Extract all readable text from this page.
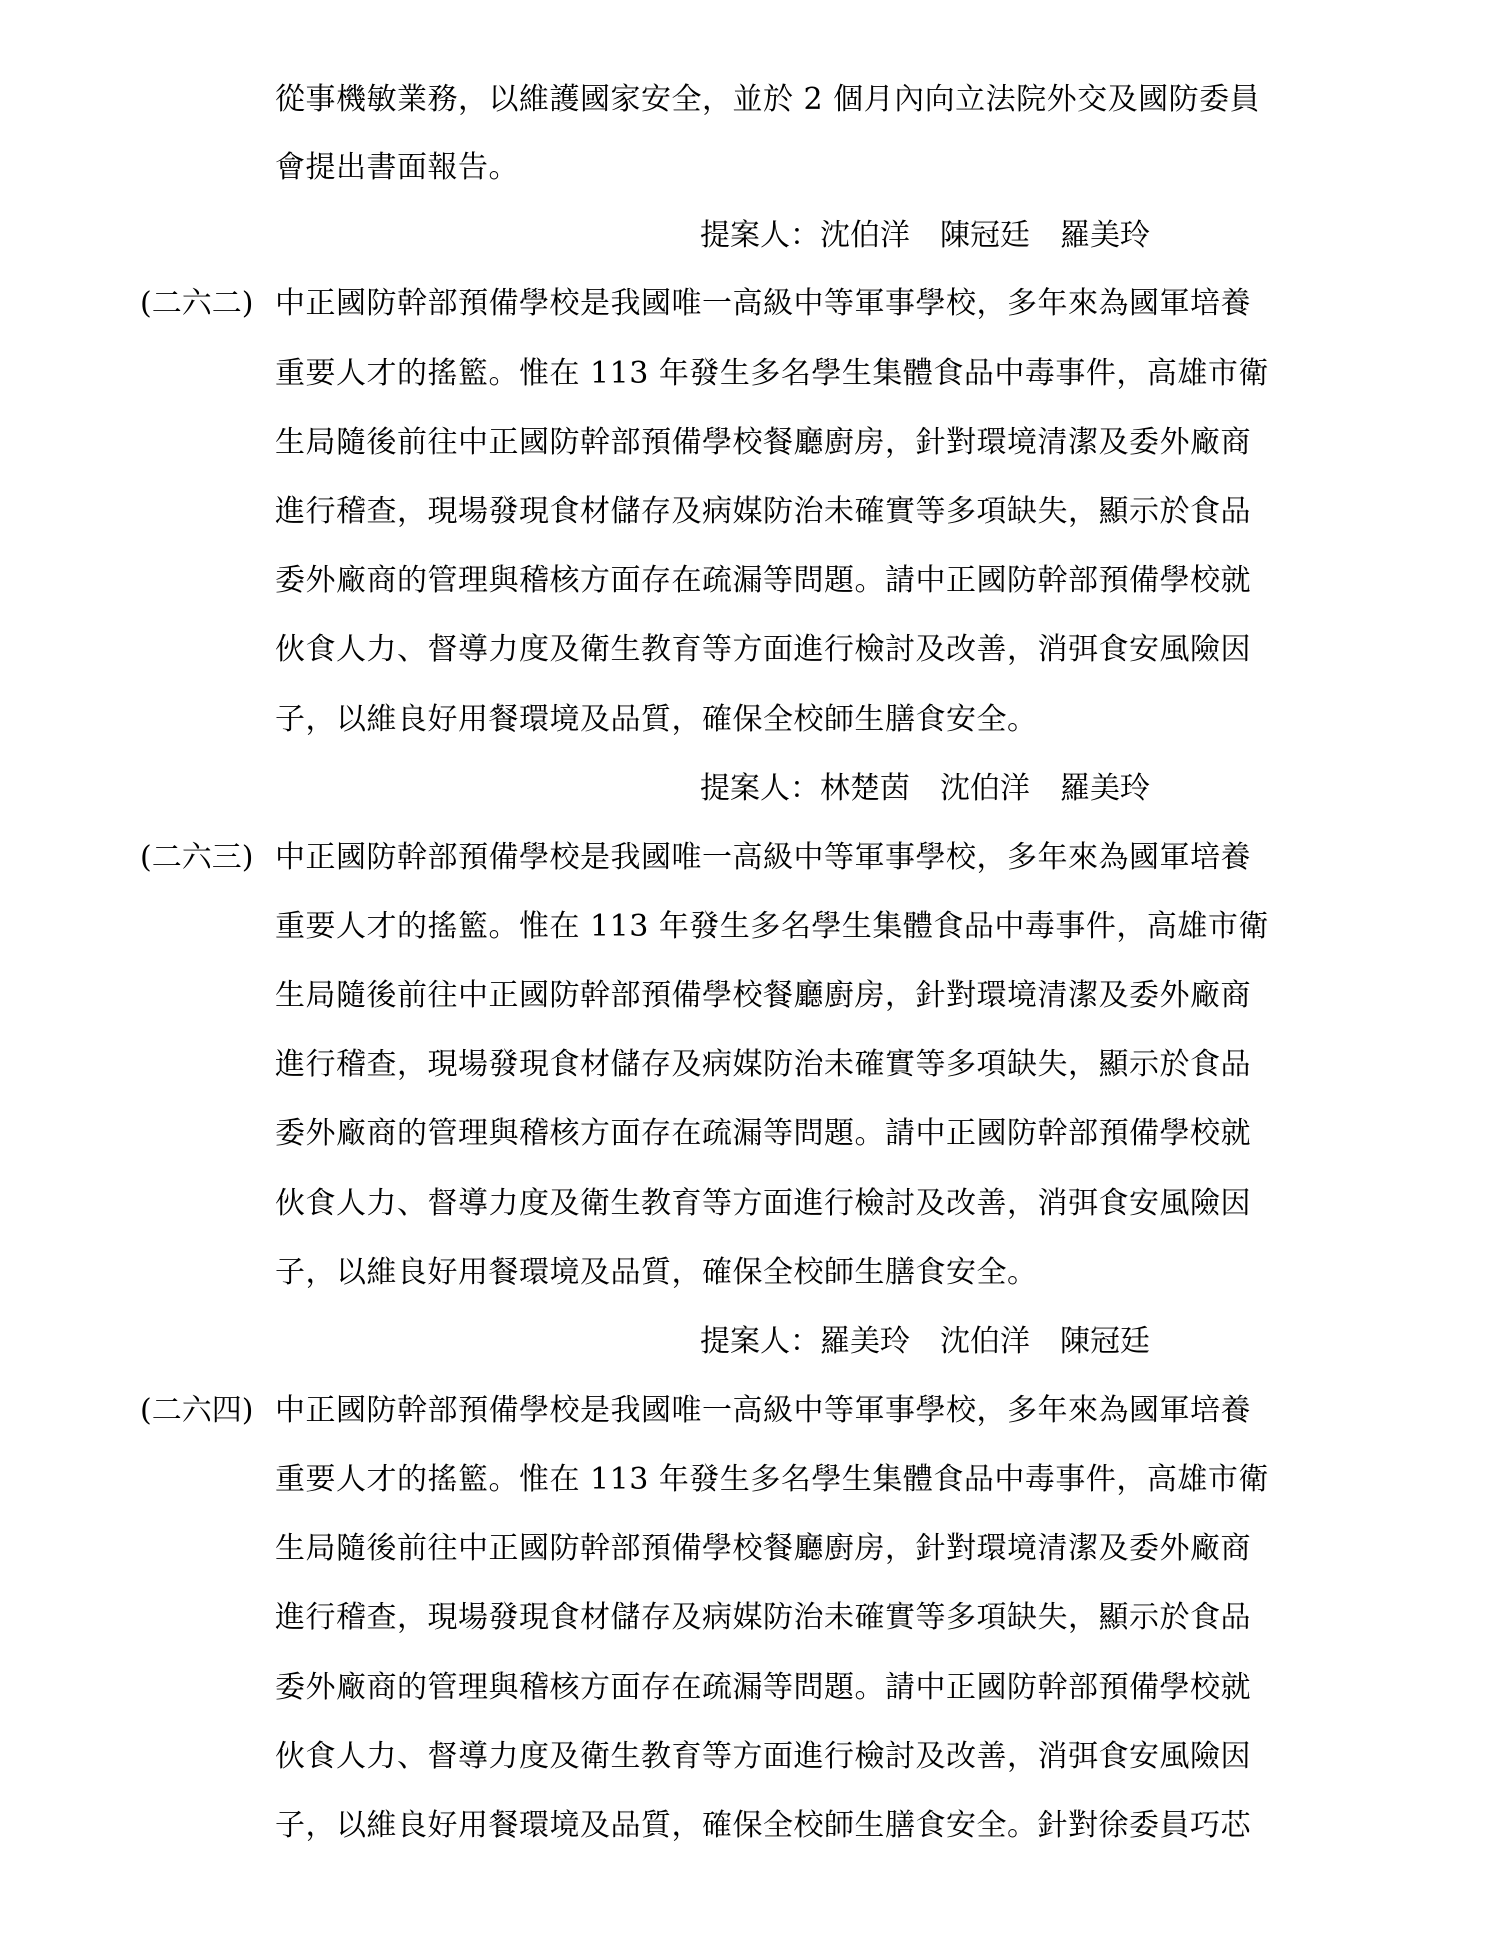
從事機敏業務，以維護國家安全，並於 2 個月內向立法院外交及國防委員
會提出書面報告。
提案人：沈伯洋　陳冠廷　羅美玲
(二六二) 中正國防幹部預備學校是我國唯一高級中等軍事學校，多年來為國軍培養
重要人才的搖籃。惟在 113 年發生多名學生集體食品中毒事件，高雄市衛
生局隨後前往中正國防幹部預備學校餐廳廚房，針對環境清潔及委外廠商
進行稽查，現場發現食材儲存及病媒防治未確實等多項缺失，顯示於食品
委外廠商的管理與稽核方面存在疏漏等問題。請中正國防幹部預備學校就
伙食人力、督導力度及衛生教育等方面進行檢討及改善，消弭食安風險因
子，以維良好用餐環境及品質，確保全校師生膳食安全。
提案人：林楚茵　沈伯洋　羅美玲
(二六三) 中正國防幹部預備學校是我國唯一高級中等軍事學校，多年來為國軍培養
重要人才的搖籃。惟在 113 年發生多名學生集體食品中毒事件，高雄市衛
生局隨後前往中正國防幹部預備學校餐廳廚房，針對環境清潔及委外廠商
進行稽查，現場發現食材儲存及病媒防治未確實等多項缺失，顯示於食品
委外廠商的管理與稽核方面存在疏漏等問題。請中正國防幹部預備學校就
伙食人力、督導力度及衛生教育等方面進行檢討及改善，消弭食安風險因
子，以維良好用餐環境及品質，確保全校師生膳食安全。
提案人：羅美玲　沈伯洋　陳冠廷
(二六四) 中正國防幹部預備學校是我國唯一高級中等軍事學校，多年來為國軍培養
重要人才的搖籃。惟在 113 年發生多名學生集體食品中毒事件，高雄市衛
生局隨後前往中正國防幹部預備學校餐廳廚房，針對環境清潔及委外廠商
進行稽查，現場發現食材儲存及病媒防治未確實等多項缺失，顯示於食品
委外廠商的管理與稽核方面存在疏漏等問題。請中正國防幹部預備學校就
伙食人力、督導力度及衛生教育等方面進行檢討及改善，消弭食安風險因
子，以維良好用餐環境及品質，確保全校師生膳食安全。針對徐委員巧芯
